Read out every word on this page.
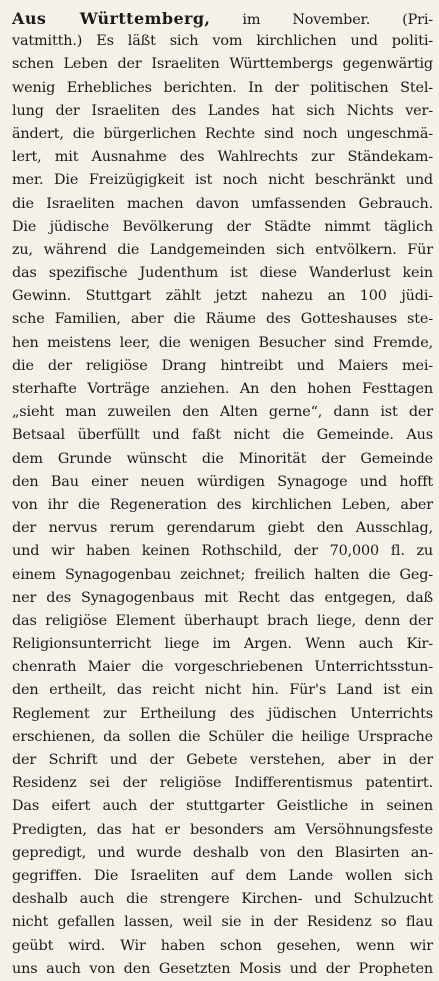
Aus Württemberg, im November. (Pri-
vatmitth.) Es läßt sich vom kirchlichen und politi-
schen Leben der Israeliten Württembergs gegenwärtig
wenig Erhebliches berichten. In der politischen Stel-
lung der Israeliten des Landes hat sich Nichts ver-
ändert, die bürgerlichen Rechte sind noch ungeschmä-
lert, mit Ausnahme des Wahlrechts zur Ständekam-
mer. Die Freizügigkeit ist noch nicht beschränkt und
die Israeliten machen davon umfassenden Gebrauch.
Die jüdische Bevölkerung der Städte nimmt täglich
zu, während die Landgemeinden sich entvölkern. Für
das spezifische Judenthum ist diese Wanderlust kein
Gewinn. Stuttgart zählt jetzt nahezu an 100 jüdi-
sche Familien, aber die Räume des Gotteshauses ste-
hen meistens leer, die wenigen Besucher sind Fremde,
die der religiöse Drang hintreibt und Maiers mei-
sterhafte Vorträge anziehen. An den hohen Festtagen
„sieht man zuweilen den Alten gerne“, dann ist der
Betsaal überfüllt und faßt nicht die Gemeinde. Aus
dem Grunde wünscht die Minorität der Gemeinde
den Bau einer neuen würdigen Synagoge und hofft
von ihr die Regeneration des kirchlichen Leben, aber
der nervus rerum gerendarum giebt den Ausschlag,
und wir haben keinen Rothschild, der 70,000 fl. zu
einem Synagogenbau zeichnet; freilich halten die Geg-
ner des Synagogenbaus mit Recht das entgegen, daß
das religiöse Element überhaupt brach liege, denn der
Religionsunterricht liege im Argen. Wenn auch Kir-
chenrath Maier die vorgeschriebenen Unterrichtsstun-
den ertheilt, das reicht nicht hin. Für's Land ist ein
Reglement zur Ertheilung des jüdischen Unterrichts
erschienen, da sollen die Schüler die heilige Ursprache
der Schrift und der Gebete verstehen, aber in der
Residenz sei der religiöse Indifferentismus patentirt.
Das eifert auch der stuttgarter Geistliche in seinen
Predigten, das hat er besonders am Versöhnungsfeste
gepredigt, und wurde deshalb von den Blasirten an-
gegriffen. Die Israeliten auf dem Lande wollen sich
deshalb auch die strengere Kirchen- und Schulzucht
nicht gefallen lassen, weil sie in der Residenz so flau
geübt wird. Wir haben schon gesehen, wenn wir
uns auch von den Gesetzten Mosis und der Propheten
